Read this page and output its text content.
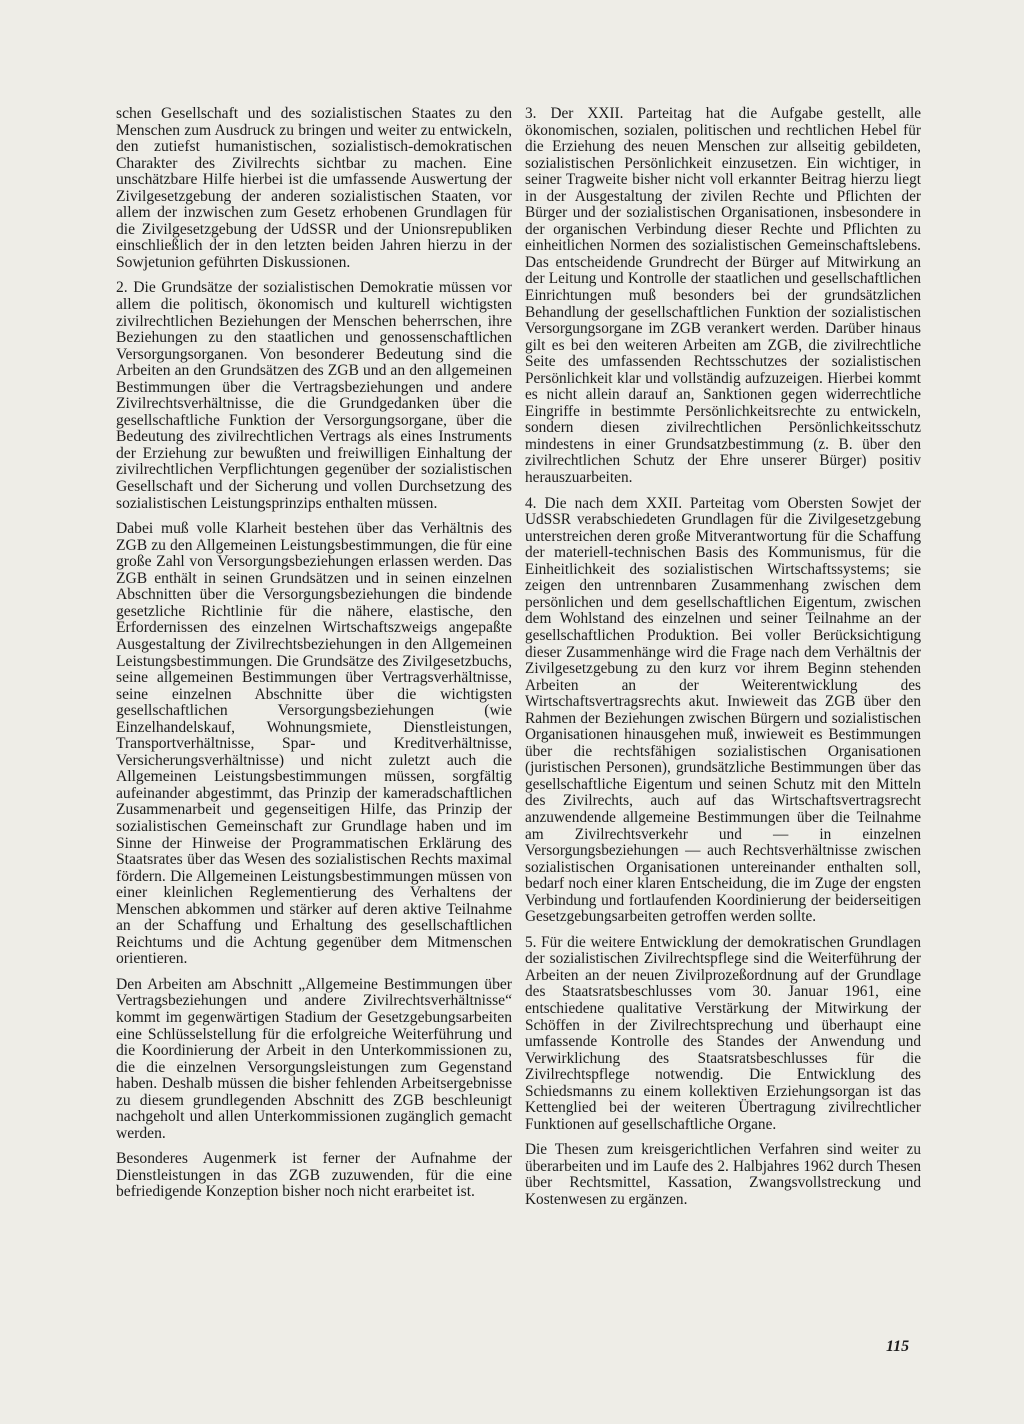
schen Gesellschaft und des sozialistischen Staates zu den Menschen zum Ausdruck zu bringen und weiter zu entwickeln, den zutiefst humanistischen, sozialistisch-demokratischen Charakter des Zivilrechts sichtbar zu machen. Eine unschätzbare Hilfe hierbei ist die umfassende Auswertung der Zivilgesetzgebung der anderen sozialistischen Staaten, vor allem der inzwischen zum Gesetz erhobenen Grundlagen für die Zivilgesetzgebung der UdSSR und der Unionsrepubliken einschließlich der in den letzten beiden Jahren hierzu in der Sowjetunion geführten Diskussionen.

2. Die Grundsätze der sozialistischen Demokratie müssen vor allem die politisch, ökonomisch und kulturell wichtigsten zivilrechtlichen Beziehungen der Menschen beherrschen, ihre Beziehungen zu den staatlichen und genossenschaftlichen Versorgungsorganen. Von besonderer Bedeutung sind die Arbeiten an den Grundsätzen des ZGB und an den allgemeinen Bestimmungen über die Vertragsbeziehungen und andere Zivilrechtsverhältnisse, die die Grundgedanken über die gesellschaftliche Funktion der Versorgungsorgane, über die Bedeutung des zivilrechtlichen Vertrags als eines Instruments der Erziehung zur bewußten und freiwilligen Einhaltung der zivilrechtlichen Verpflichtungen gegenüber der sozialistischen Gesellschaft und der Sicherung und vollen Durchsetzung des sozialistischen Leistungsprinzips enthalten müssen.

Dabei muß volle Klarheit bestehen über das Verhältnis des ZGB zu den Allgemeinen Leistungsbestimmungen, die für eine große Zahl von Versorgungsbeziehungen erlassen werden. Das ZGB enthält in seinen Grundsätzen und in seinen einzelnen Abschnitten über die Versorgungsbeziehungen die bindende gesetzliche Richtlinie für die nähere, elastische, den Erfordernissen des einzelnen Wirtschaftszweigs angepaßte Ausgestaltung der Zivilrechtsbeziehungen in den Allgemeinen Leistungsbestimmungen. Die Grundsätze des Zivilgesetzbuchs, seine allgemeinen Bestimmungen über Vertragsverhältnisse, seine einzelnen Abschnitte über die wichtigsten gesellschaftlichen Versorgungsbeziehungen (wie Einzelhandelskauf, Wohnungsmiete, Dienstleistungen, Transportverhältnisse, Spar- und Kreditverhältnisse, Versicherungsverhältnisse) und nicht zuletzt auch die Allgemeinen Leistungsbestimmungen müssen, sorgfältig aufeinander abgestimmt, das Prinzip der kameradschaftlichen Zusammenarbeit und gegenseitigen Hilfe, das Prinzip der sozialistischen Gemeinschaft zur Grundlage haben und im Sinne der Hinweise der Programmatischen Erklärung des Staatsrates über das Wesen des sozialistischen Rechts maximal fördern. Die Allgemeinen Leistungsbestimmungen müssen von einer kleinlichen Reglementierung des Verhaltens der Menschen abkommen und stärker auf deren aktive Teilnahme an der Schaffung und Erhaltung des gesellschaftlichen Reichtums und die Achtung gegenüber dem Mitmenschen orientieren.

Den Arbeiten am Abschnitt „Allgemeine Bestimmungen über Vertragsbeziehungen und andere Zivilrechtsverhältnisse“ kommt im gegenwärtigen Stadium der Gesetzgebungsarbeiten eine Schlüsselstellung für die erfolgreiche Weiterführung und die Koordinierung der Arbeit in den Unterkommissionen zu, die die einzelnen Versorgungsleistungen zum Gegenstand haben. Deshalb müssen die bisher fehlenden Arbeitsergebnisse zu diesem grundlegenden Abschnitt des ZGB beschleunigt nachgeholt und allen Unterkommissionen zugänglich gemacht werden.

Besonderes Augenmerk ist ferner der Aufnahme der Dienstleistungen in das ZGB zuzuwenden, für die eine befriedigende Konzeption bisher noch nicht erarbeitet ist.

3. Der XXII. Parteitag hat die Aufgabe gestellt, alle ökonomischen, sozialen, politischen und rechtlichen Hebel für die Erziehung des neuen Menschen zur allseitig gebildeten, sozialistischen Persönlichkeit einzusetzen. Ein wichtiger, in seiner Tragweite bisher nicht voll erkannter Beitrag hierzu liegt in der Ausgestaltung der zivilen Rechte und Pflichten der Bürger und der sozialistischen Organisationen, insbesondere in der organischen Verbindung dieser Rechte und Pflichten zu einheitlichen Normen des sozialistischen Gemeinschaftslebens. Das entscheidende Grundrecht der Bürger auf Mitwirkung an der Leitung und Kontrolle der staatlichen und gesellschaftlichen Einrichtungen muß besonders bei der grundsätzlichen Behandlung der gesellschaftlichen Funktion der sozialistischen Versorgungsorgane im ZGB verankert werden. Darüber hinaus gilt es bei den weiteren Arbeiten am ZGB, die zivilrechtliche Seite des umfassenden Rechtsschutzes der sozialistischen Persönlichkeit klar und vollständig aufzuzeigen. Hierbei kommt es nicht allein darauf an, Sanktionen gegen widerrechtliche Eingriffe in bestimmte Persönlichkeitsrechte zu entwickeln, sondern diesen zivilrechtlichen Persönlichkeitsschutz mindestens in einer Grundsatzbestimmung (z. B. über den zivilrechtlichen Schutz der Ehre unserer Bürger) positiv herauszuarbeiten.

4. Die nach dem XXII. Parteitag vom Obersten Sowjet der UdSSR verabschiedeten Grundlagen für die Zivilgesetzgebung unterstreichen deren große Mitverantwortung für die Schaffung der materiell-technischen Basis des Kommunismus, für die Einheitlichkeit des sozialistischen Wirtschaftssystems; sie zeigen den untrennbaren Zusammenhang zwischen dem persönlichen und dem gesellschaftlichen Eigentum, zwischen dem Wohlstand des einzelnen und seiner Teilnahme an der gesellschaftlichen Produktion. Bei voller Berücksichtigung dieser Zusammenhänge wird die Frage nach dem Verhältnis der Zivilgesetzgebung zu den kurz vor ihrem Beginn stehenden Arbeiten an der Weiterentwicklung des Wirtschaftsvertragsrechts akut. Inwieweit das ZGB über den Rahmen der Beziehungen zwischen Bürgern und sozialistischen Organisationen hinausgehen muß, inwieweit es Bestimmungen über die rechtsfähigen sozialistischen Organisationen (juristischen Personen), grundsätzliche Bestimmungen über das gesellschaftliche Eigentum und seinen Schutz mit den Mitteln des Zivilrechts, auch auf das Wirtschaftsvertragsrecht anzuwendende allgemeine Bestimmungen über die Teilnahme am Zivilrechtsverkehr und — in einzelnen Versorgungsbeziehungen — auch Rechtsverhältnisse zwischen sozialistischen Organisationen untereinander enthalten soll, bedarf noch einer klaren Entscheidung, die im Zuge der engsten Verbindung und fortlaufenden Koordinierung der beiderseitigen Gesetzgebungsarbeiten getroffen werden sollte.

5. Für die weitere Entwicklung der demokratischen Grundlagen der sozialistischen Zivilrechtspflege sind die Weiterführung der Arbeiten an der neuen Zivilprozeßordnung auf der Grundlage des Staatsratsbeschlusses vom 30. Januar 1961, eine entschiedene qualitative Verstärkung der Mitwirkung der Schöffen in der Zivilrechtsprechung und überhaupt eine umfassende Kontrolle des Standes der Anwendung und Verwirklichung des Staatsratsbeschlusses für die Zivilrechtspflege notwendig. Die Entwicklung des Schiedsmanns zu einem kollektiven Erziehungsorgan ist das Kettenglied bei der weiteren Übertragung zivilrechtlicher Funktionen auf gesellschaftliche Organe.

Die Thesen zum kreisgerichtlichen Verfahren sind weiter zu überarbeiten und im Laufe des 2. Halbjahres 1962 durch Thesen über Rechtsmittel, Kassation, Zwangsvollstreckung und Kostenwesen zu ergänzen.

115
